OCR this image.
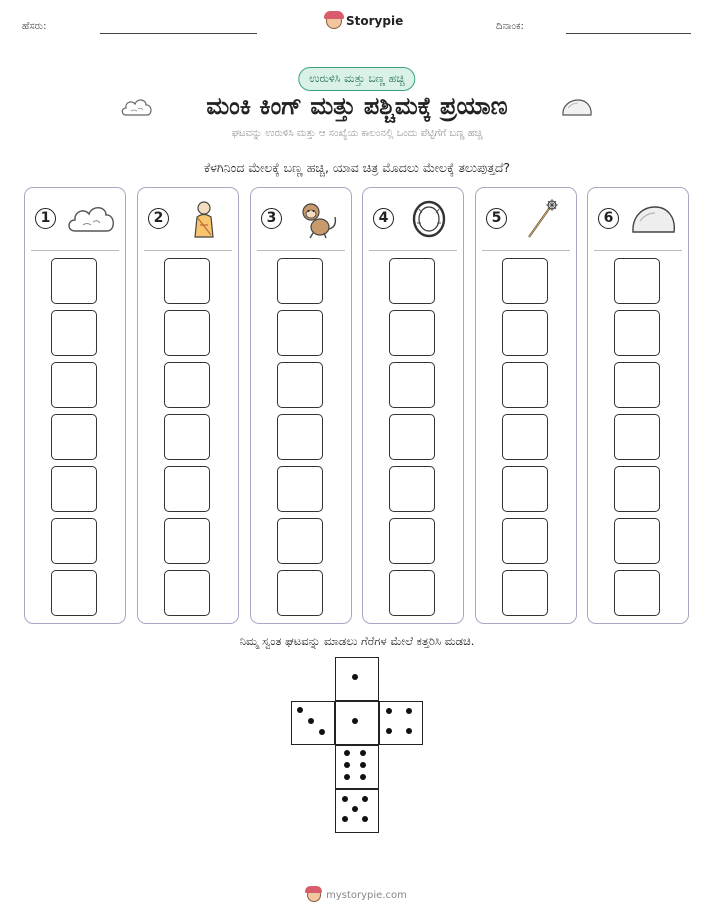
ಹೆಸರು:	Storypie	ದಿನಾಂಕ:
ಉರುಳಿಸಿ ಮತ್ತು ಬಣ್ಣ ಹಚ್ಚಿ
ಮಂಕಿ ಕಿಂಗ್ ಮತ್ತು ಪಶ್ಚಿಮಕ್ಕೆ ಪ್ರಯಾಣ
ಘಟವನ್ನು ಉರುಳಿಸಿ ಮತ್ತು ಆ ಸಂಖ್ಯೆಯ ಕಾಲಂನಲ್ಲಿ ಒಂದು ಪೆಟ್ಟಿಗೆಗೆ ಬಣ್ಣ ಹಚ್ಚಿ
ಕೆಳಗಿನಿಂದ ಮೇಲಕ್ಕೆ ಬಣ್ಣ ಹಚ್ಚಿ, ಯಾವ ಚಿತ್ರ ಮೊದಲು ಮೇಲಕ್ಕೆ ತಲುಪುತ್ತದೆ?
1	2	3	4	5	6
ನಿಮ್ಮ ಸ್ವಂತ ಘಟವನ್ನು ಮಾಡಲು ಗೆರೆಗಳ ಮೇಲೆ ಕತ್ತರಿಸಿ ಮಡಚಿ.
mystorypie.com
